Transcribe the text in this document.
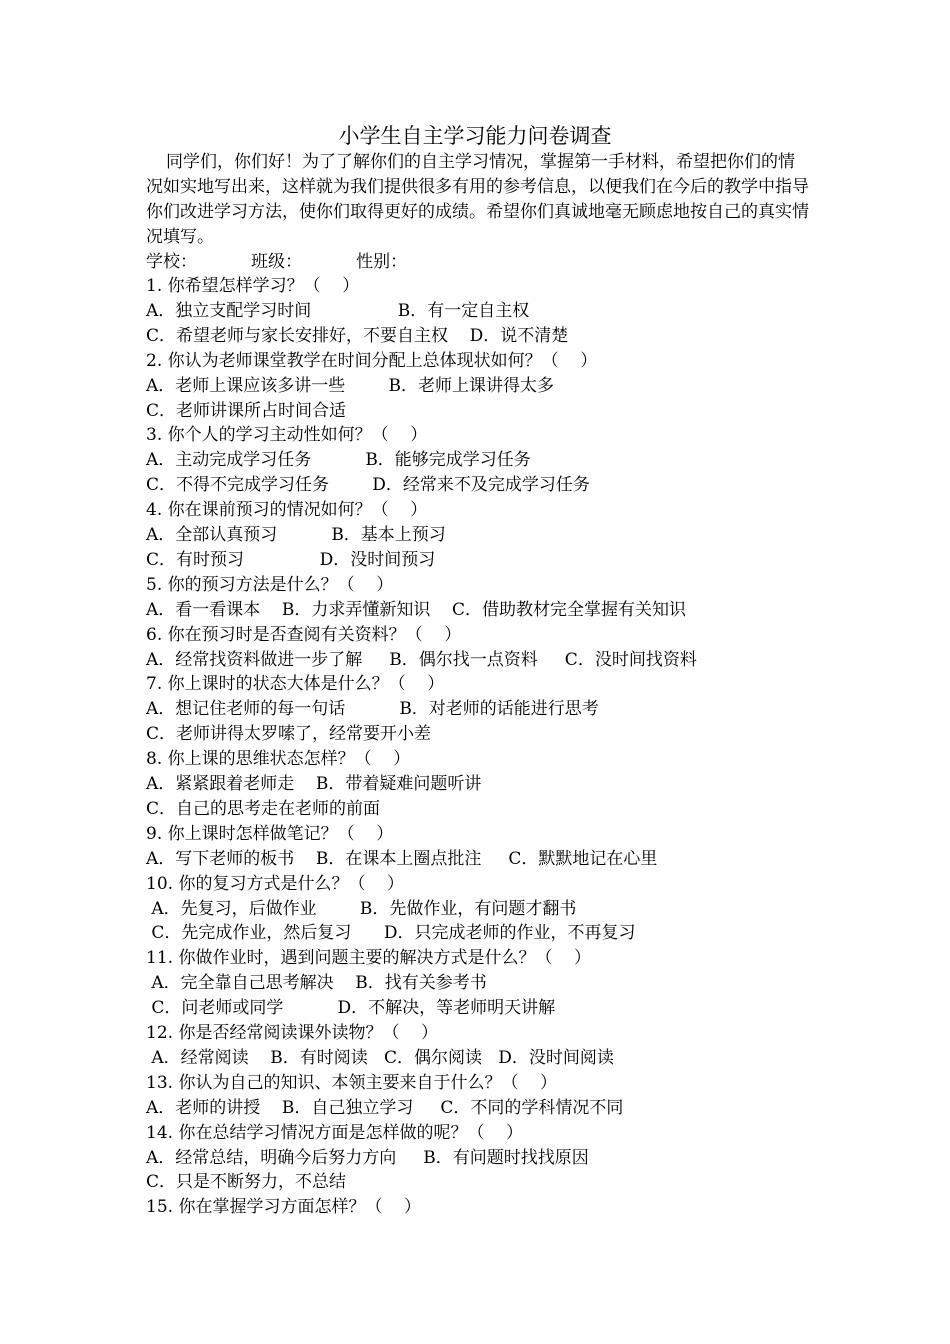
小学生自主学习能力问卷调查

同学们，你们好！为了了解你们的自主学习情况，掌握第一手材料，希望把你们的情况如实地写出来，这样就为我们提供很多有用的参考信息，以便我们在今后的教学中指导你们改进学习方法，使你们取得更好的成绩。希望你们真诚地毫无顾虑地按自己的真实情况填写。

学校：          班级：          性别：
1. 你希望怎样学习？（    ）
A．独立支配学习时间                B．有一定自主权
C．希望老师与家长安排好，不要自主权    D．说不清楚
2. 你认为老师课堂教学在时间分配上总体现状如何？（    ）
A．老师上课应该多讲一些        B．老师上课讲得太多
C．老师讲课所占时间合适
3. 你个人的学习主动性如何？（    ）
A．主动完成学习任务          B．能够完成学习任务
C．不得不完成学习任务        D．经常来不及完成学习任务
4. 你在课前预习的情况如何？（    ）
A．全部认真预习          B．基本上预习
C．有时预习              D．没时间预习
5. 你的预习方法是什么？（    ）
A．看一看课本    B．力求弄懂新知识    C．借助教材完全掌握有关知识
6. 你在预习时是否查阅有关资料？（    ）
A．经常找资料做进一步了解     B．偶尔找一点资料     C．没时间找资料
7. 你上课时的状态大体是什么？（    ）
A．想记住老师的每一句话          B．对老师的话能进行思考
C．老师讲得太罗嗦了，经常要开小差
8. 你上课的思维状态怎样？（    ）
A．紧紧跟着老师走    B．带着疑难问题听讲
C．自己的思考走在老师的前面
9. 你上课时怎样做笔记？（    ）
A．写下老师的板书    B．在课本上圈点批注     C．默默地记在心里
10. 你的复习方式是什么？（    ）
A．先复习，后做作业        B．先做作业，有问题才翻书
C．先完成作业，然后复习      D．只完成老师的作业，不再复习
11. 你做作业时，遇到问题主要的解决方式是什么？（    ）
A．完全靠自己思考解决    B．找有关参考书
C．问老师或同学          D．不解决，等老师明天讲解
12. 你是否经常阅读课外读物？（    ）
A．经常阅读    B．有时阅读   C．偶尔阅读   D．没时间阅读
13. 你认为自己的知识、本领主要来自于什么？（    ）
A．老师的讲授    B．自己独立学习     C．不同的学科情况不同
14. 你在总结学习情况方面是怎样做的呢？（    ）
A．经常总结，明确今后努力方向     B．有问题时找找原因
C．只是不断努力，不总结
15. 你在掌握学习方面怎样？（    ）
